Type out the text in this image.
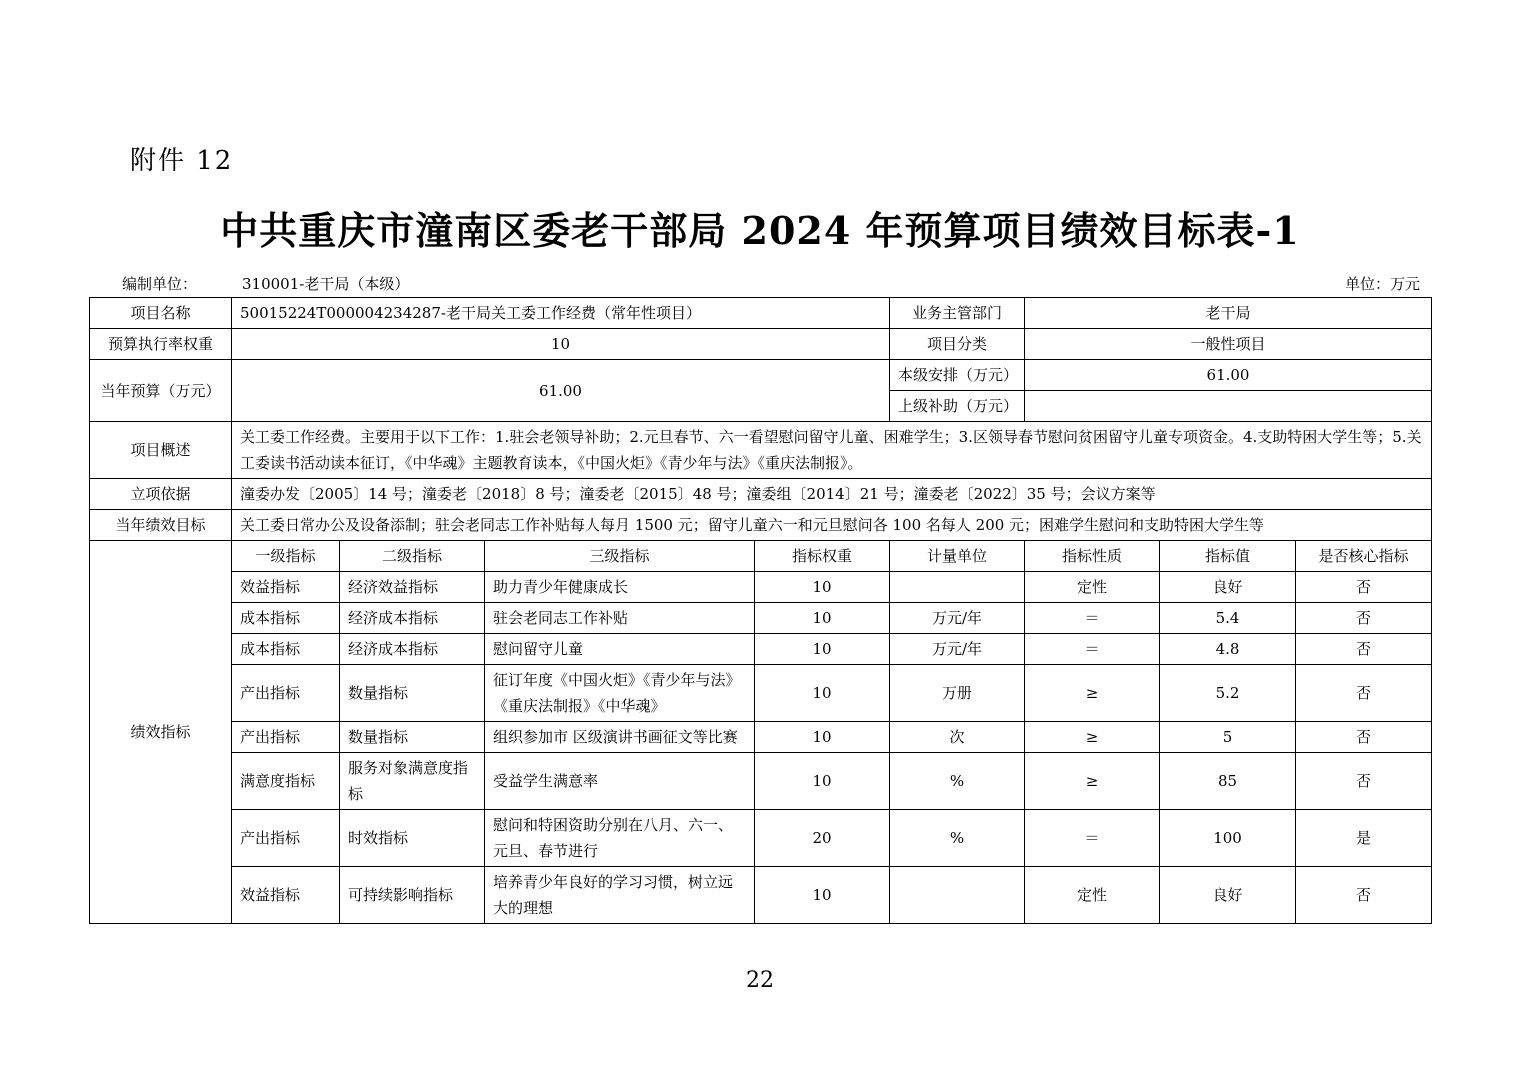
附件 12
中共重庆市潼南区委老干部局 2024 年预算项目绩效目标表-1
编制单位：	310001-老干局（本级）	单位：万元
项目名称	50015224T000004234287-老干局关工委工作经费（常年性项目）				业务主管部门	老干局		
预算执行率权重	10				项目分类	一般性项目		
当年预算（万元）	61.00				本级安排（万元）	61.00		
					上级补助（万元）			
项目概述	关工委工作经费。主要用于以下工作：1.驻会老领导补助；2.元旦春节、六一看望慰问留守儿童、困难学生；3.区领导春节慰问贫困留守儿童专项资金。4.支助特困大学生等；5.关工委读书活动读本征订，《中华魂》主题教育读本，《中国火炬》《青少年与法》《重庆法制报》。							
立项依据	潼委办发〔2005〕14 号；潼委老〔2018〕8 号；潼委老〔2015〕48 号；潼委组〔2014〕21 号；潼委老〔2022〕35 号；会议方案等							
当年绩效目标	关工委日常办公及设备添制；驻会老同志工作补贴每人每月 1500 元；留守儿童六一和元旦慰问各 100 名每人 200 元；困难学生慰问和支助特困大学生等							
绩效指标	一级指标	二级指标	三级指标	指标权重	计量单位	指标性质	指标值	是否核心指标
	效益指标	经济效益指标	助力青少年健康成长	10		定性	良好	否
	成本指标	经济成本指标	驻会老同志工作补贴	10	万元/年	＝	5.4	否
	成本指标	经济成本指标	慰问留守儿童	10	万元/年	＝	4.8	否
	产出指标	数量指标	征订年度《中国火炬》《青少年与法》《重庆法制报》《中华魂》	10	万册	≥	5.2	否
	产出指标	数量指标	组织参加市 区级演讲书画征文等比赛	10	次	≥	5	否
	满意度指标	服务对象满意度指标	受益学生满意率	10	%	≥	85	否
	产出指标	时效指标	慰问和特困资助分别在八月、六一、元旦、春节进行	20	%	＝	100	是
	效益指标	可持续影响指标	培养青少年良好的学习习惯，树立远大的理想	10		定性	良好	否
22
